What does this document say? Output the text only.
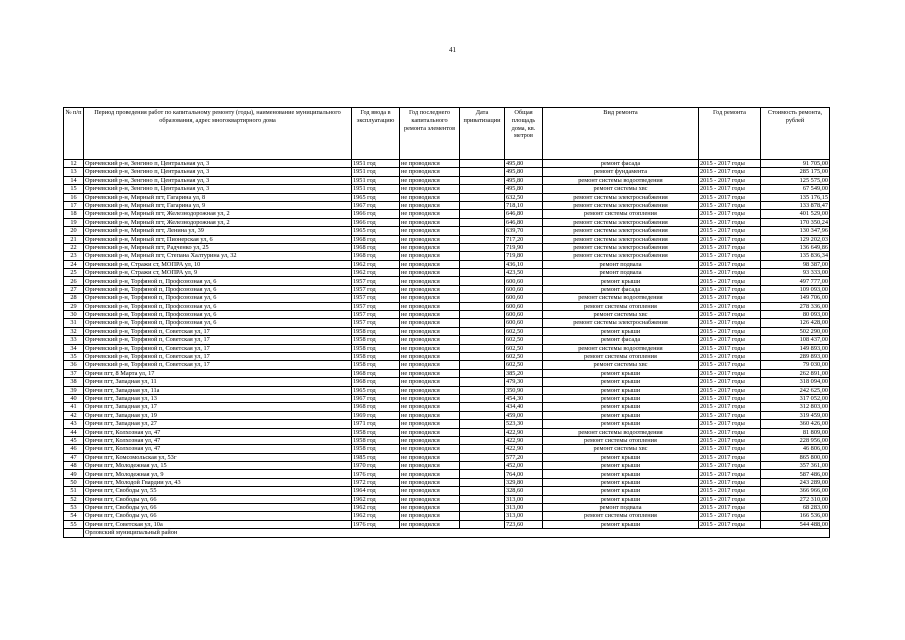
41
№ п/п	Период проведения работ по капитальному ремонту (годы), наименование муниципального образования, адрес многоквартирного дома	Год ввода в эксплуатацию	Год последнего капитального ремонта элементов	Дата приватизации	Общая площадь дома, кв. метров	Вид ремонта	Год ремонта	Стоимость ремонта, рублей
12	Оричевский р-н, Зенгино п, Центральная ул, 3	1951 год	не проводился		495,80	ремонт фасада	2015 - 2017 годы	91 705,00
13	Оричевский р-н, Зенгино п, Центральная ул, 3	1951 год	не проводился		495,80	ремонт фундамента	2015 - 2017 годы	285 175,00
14	Оричевский р-н, Зенгино п, Центральная ул, 3	1951 год	не проводился		495,80	ремонт системы водоотведения	2015 - 2017 годы	125 575,00
15	Оричевский р-н, Зенгино п, Центральная ул, 3	1951 год	не проводился		495,80	ремонт системы хвс	2015 - 2017 годы	67 549,00
16	Оричевский р-н, Мирный пгт, Гагарина ул, 8	1965 год	не проводился		632,50	ремонт системы электроснабжения	2015 - 2017 годы	135 176,15
17	Оричевский р-н, Мирный пгт, Гагарина ул, 9	1967 год	не проводился		718,10	ремонт системы электроснабжения	2015 - 2017 годы	133 878,47
18	Оричевский р-н, Мирный пгт, Железнодорожная ул, 2	1966 год	не проводился		646,80	ремонт системы отопления	2015 - 2017 годы	401 529,00
19	Оричевский р-н, Мирный пгт, Железнодорожная ул, 2	1966 год	не проводился		646,80	ремонт системы электроснабжения	2015 - 2017 годы	170 350,24
20	Оричевский р-н, Мирный пгт, Ленина ул, 39	1965 год	не проводился		639,70	ремонт системы электроснабжения	2015 - 2017 годы	130 347,96
21	Оричевский р-н, Мирный пгт, Пионерская ул, 6	1968 год	не проводился		717,20	ремонт системы электроснабжения	2015 - 2017 годы	129 202,03
22	Оричевский р-н, Мирный пгт, Радченко ул, 25	1968 год	не проводился		719,90	ремонт системы электроснабжения	2015 - 2017 годы	136 649,86
23	Оричевский р-н, Мирный пгт, Степана Халтурина ул, 32	1968 год	не проводился		719,80	ремонт системы электроснабжения	2015 - 2017 годы	135 836,34
24	Оричевский р-н, Стражи ст, МОПРА ул, 10	1962 год	не проводился		436,10	ремонт подвала	2015 - 2017 годы	98 387,00
25	Оричевский р-н, Стражи ст, МОПРА ул, 9	1962 год	не проводился		423,50	ремонт подвала	2015 - 2017 годы	93 333,00
26	Оричевский р-н, Торфяной п, Профсоюзная ул, 6	1957 год	не проводился		600,60	ремонт крыши	2015 - 2017 годы	497 777,00
27	Оричевский р-н, Торфяной п, Профсоюзная ул, 6	1957 год	не проводился		600,60	ремонт фасада	2015 - 2017 годы	109 093,00
28	Оричевский р-н, Торфяной п, Профсоюзная ул, 6	1957 год	не проводился		600,60	ремонт системы водоотведения	2015 - 2017 годы	149 706,00
29	Оричевский р-н, Торфяной п, Профсоюзная ул, 6	1957 год	не проводился		600,60	ремонт системы отопления	2015 - 2017 годы	278 336,00
30	Оричевский р-н, Торфяной п, Профсоюзная ул, 6	1957 год	не проводился		600,60	ремонт системы хвс	2015 - 2017 годы	80 093,00
31	Оричевский р-н, Торфяной п, Профсоюзная ул, 6	1957 год	не проводился		600,60	ремонт системы электроснабжения	2015 - 2017 годы	126 428,00
32	Оричевский р-н, Торфяной п, Советская ул, 17	1958 год	не проводился		602,50	ремонт крыши	2015 - 2017 годы	502 290,00
33	Оричевский р-н, Торфяной п, Советская ул, 17	1958 год	не проводился		602,50	ремонт фасада	2015 - 2017 годы	108 437,00
34	Оричевский р-н, Торфяной п, Советская ул, 17	1958 год	не проводился		602,50	ремонт системы водоотведения	2015 - 2017 годы	149 893,00
35	Оричевский р-н, Торфяной п, Советская ул, 17	1958 год	не проводился		602,50	ремонт системы отопления	2015 - 2017 годы	289 893,00
36	Оричевский р-н, Торфяной п, Советская ул, 17	1958 год	не проводился		602,50	ремонт системы хвс	2015 - 2017 годы	79 030,00
37	Оричи пгт, 8 Марта ул, 17	1968 год	не проводился		385,20	ремонт крыши	2015 - 2017 годы	262 891,00
38	Оричи пгт, Западная ул, 11	1968 год	не проводился		479,30	ремонт крыши	2015 - 2017 годы	318 094,00
39	Оричи пгт, Западная ул, 11а	1965 год	не проводился		350,90	ремонт крыши	2015 - 2017 годы	242 625,00
40	Оричи пгт, Западная ул, 13	1967 год	не проводился		454,30	ремонт крыши	2015 - 2017 годы	317 052,00
41	Оричи пгт, Западная ул, 17	1968 год	не проводился		434,40	ремонт крыши	2015 - 2017 годы	312 803,00
42	Оричи пгт, Западная ул, 19	1969 год	не проводился		459,00	ремонт крыши	2015 - 2017 годы	319 459,00
43	Оричи пгт, Западная ул, 27	1971 год	не проводился		523,30	ремонт крыши	2015 - 2017 годы	360 426,00
44	Оричи пгт, Колхозная ул, 47	1958 год	не проводился		422,90	ремонт системы водоотведения	2015 - 2017 годы	81 809,00
45	Оричи пгт, Колхозная ул, 47	1958 год	не проводился		422,90	ремонт системы отопления	2015 - 2017 годы	228 956,00
46	Оричи пгт, Колхозная ул, 47	1958 год	не проводился		422,90	ремонт системы хвс	2015 - 2017 годы	46 806,00
47	Оричи пгт, Комсомольская ул, 53г	1985 год	не проводился		577,20	ремонт крыши	2015 - 2017 годы	865 800,00
48	Оричи пгт, Молодежная ул, 15	1970 год	не проводился		452,00	ремонт крыши	2015 - 2017 годы	357 361,00
49	Оричи пгт, Молодежная ул, 9	1976 год	не проводился		764,00	ремонт крыши	2015 - 2017 годы	587 486,00
50	Оричи пгт, Молодой Гвардии ул, 43	1972 год	не проводился		329,80	ремонт крыши	2015 - 2017 годы	243 289,00
51	Оричи пгт, Свободы ул, 55	1964 год	не проводился		328,60	ремонт крыши	2015 - 2017 годы	366 966,00
52	Оричи пгт, Свободы ул, 66	1962 год	не проводился		313,00	ремонт крыши	2015 - 2017 годы	272 310,00
53	Оричи пгт, Свободы ул, 66	1962 год	не проводился		313,00	ремонт подвала	2015 - 2017 годы	68 283,00
54	Оричи пгт, Свободы ул, 66	1962 год	не проводился		313,00	ремонт системы отопления	2015 - 2017 годы	166 536,00
55	Оричи пгт, Советская ул, 10а	1976 год	не проводился		723,60	ремонт крыши	2015 - 2017 годы	544 488,00
	Орловский муниципальный район							
